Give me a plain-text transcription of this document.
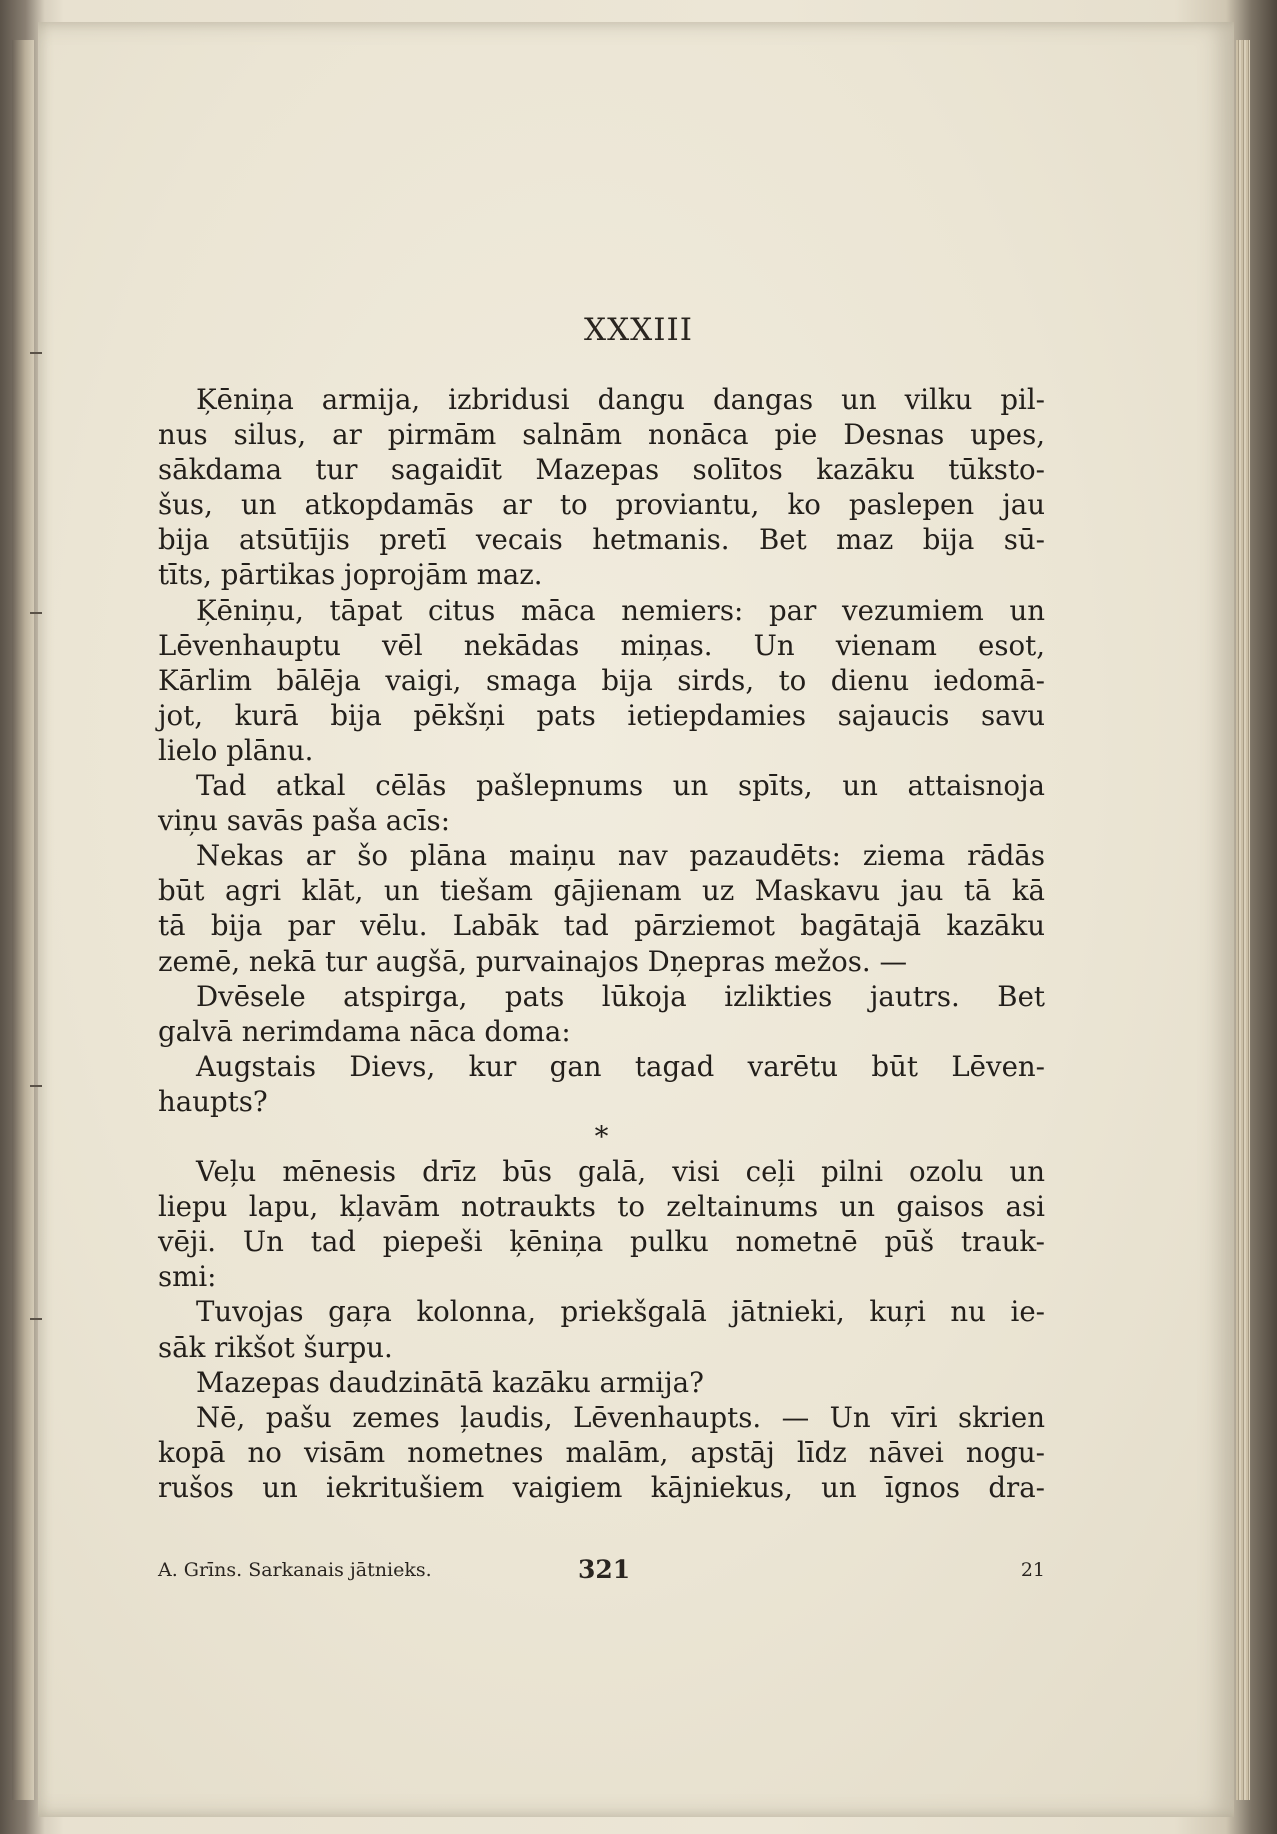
XXXIII
Ķēniņa armija, izbridusi dangu dangas un vilku pil-
nus silus, ar pirmām salnām nonāca pie Desnas upes,
sākdama tur sagaidīt Mazepas solītos kazāku tūksto-
šus, un atkopdamās ar to proviantu, ko paslepen jau
bija atsūtījis pretī vecais hetmanis. Bet maz bija sū-
tīts, pārtikas joprojām maz.
Ķēniņu, tāpat citus māca nemiers: par vezumiem un
Lēvenhauptu vēl nekādas miņas. Un vienam esot,
Kārlim bālēja vaigi, smaga bija sirds, to dienu iedomā-
jot, kurā bija pēkšņi pats ietiepdamies sajaucis savu
lielo plānu.
Tad atkal cēlās pašlepnums un spīts, un attaisnoja
viņu savās paša acīs:
Nekas ar šo plāna maiņu nav pazaudēts: ziema rādās
būt agri klāt, un tiešam gājienam uz Maskavu jau tā kā
tā bija par vēlu. Labāk tad pārziemot bagātajā kazāku
zemē, nekā tur augšā, purvainajos Dņepras mežos. —
Dvēsele atspirga, pats lūkoja izlikties jautrs. Bet
galvā nerimdama nāca doma:
Augstais Dievs, kur gan tagad varētu būt Lēven-
haupts?
*
Veļu mēnesis drīz būs galā, visi ceļi pilni ozolu un
liepu lapu, kļavām notraukts to zeltainums un gaisos asi
vēji. Un tad piepeši ķēniņa pulku nometnē pūš trauk-
smi:
Tuvojas gaŗa kolonna, priekšgalā jātnieki, kuŗi nu ie-
sāk rikšot šurpu.
Mazepas daudzinātā kazāku armija?
Nē, pašu zemes ļaudis, Lēvenhaupts. — Un vīri skrien
kopā no visām nometnes malām, apstāj līdz nāvei nogu-
rušos un iekritušiem vaigiem kājniekus, un īgnos dra-
A. Grīns. Sarkanais jātnieks.	321	21
